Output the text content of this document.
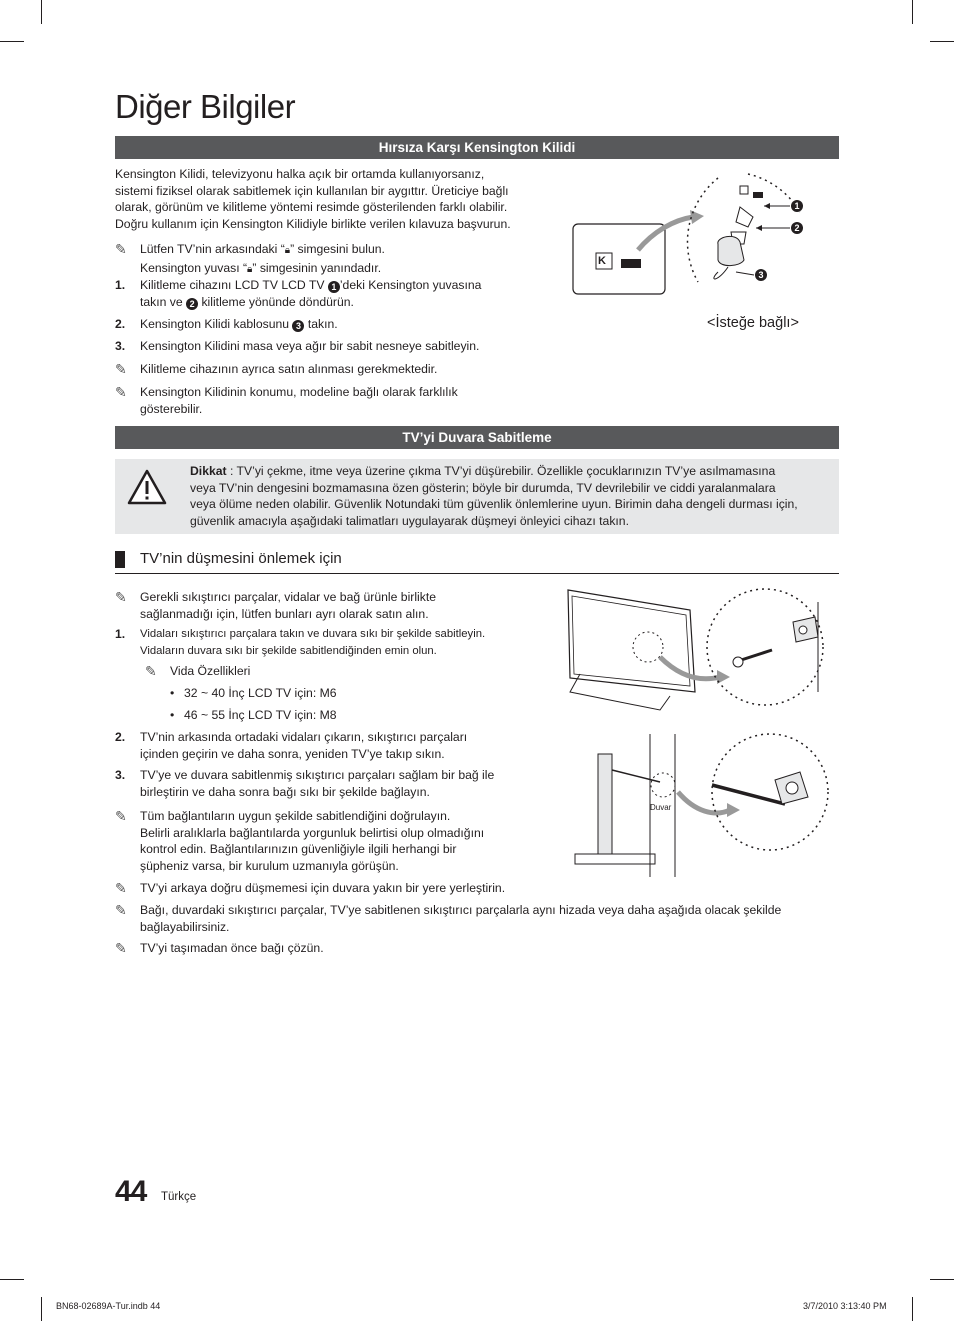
Diğer Bilgiler
Hırsıza Karşı Kensington Kilidi
Kensington Kilidi, televizyonu halka açık bir ortamda kullanıyorsanız,
sistemi fiziksel olarak sabitlemek için kullanılan bir aygıttır. Üreticiye bağlı
olarak, görünüm ve kilitleme yöntemi resimde gösterilenden farklı olabilir.
Doğru kullanım için Kensington Kilidiyle birlikte verilen kılavuza başvurun.
✎	Lütfen TV’nin arkasındaki “🔒︎” simgesini bulun.
Kensington yuvası “🔒︎” simgesinin yanındadır.
1.	Kilitleme cihazını LCD TV LCD TV 1 ’deki Kensington yuvasına
takın ve 2 kilitleme yönünde döndürün.
2.	Kensington Kilidi kablosunu 3 takın.
3.	Kensington Kilidini masa veya ağır bir sabit nesneye sabitleyin.
✎	Kilitleme cihazının ayrıca satın alınması gerekmektedir.
✎ Kensington Kilidinin konumu, modeline bağlı olarak farklılık
gösterebilir.
K
1
2
3
<İsteğe bağlı>
TV’yi Duvara Sabitleme
Dikkat : TV’yi çekme, itme veya üzerine çıkma TV’yi düşürebilir. Özellikle çocuklarınızın TV’ye asılmamasına
veya TV’nin dengesini bozmamasına özen gösterin; böyle bir durumda, TV devrilebilir ve ciddi yaralanmalara
veya ölüme neden olabilir. Güvenlik Notundaki tüm güvenlik önlemlerine uyun. Birimin daha dengeli durması için,
güvenlik amacıyla aşağıdaki talimatları uygulayarak düşmeyi önleyici cihazı takın.
TV’nin düşmesini önlemek için
✎ Gerekli sıkıştırıcı parçalar, vidalar ve bağ ürünle birlikte
sağlanmadığı için, lütfen bunları ayrı olarak satın alın.
1. Vidaları sıkıştırıcı parçalara takın ve duvara sıkı bir şekilde sabitleyin.
Vidaların duvara sıkı bir şekilde sabitlendiğinden emin olun.
✎	Vida Özellikleri
• 32 ~ 40 İnç LCD TV için: M6
• 46 ~ 55 İnç LCD TV için: M8
2. TV’nin arkasında ortadaki vidaları çıkarın, sıkıştırıcı parçaları
içinden geçirin ve daha sonra, yeniden TV’ye takıp sıkın.
3. TV’ye ve duvara sabitlenmiş sıkıştırıcı parçaları sağlam bir bağ ile
birleştirin ve daha sonra bağı sıkı bir şekilde bağlayın.
✎ Tüm bağlantıların uygun şekilde sabitlendiğini doğrulayın.
Belirli aralıklarla bağlantılarda yorgunluk belirtisi olup olmadığını
kontrol edin. Bağlantılarınızın güvenliğiyle ilgili herhangi bir
şüpheniz varsa, bir kurulum uzmanıyla görüşün.
✎	TV’yi arkaya doğru düşmemesi için duvara yakın bir yere yerleştirin.
✎ Bağı, duvardaki sıkıştırıcı parçalar, TV’ye sabitlenen sıkıştırıcı parçalarla aynı hizada veya daha aşağıda olacak şekilde
bağlayabilirsiniz.
✎	TV’yi taşımadan önce bağı çözün.
Duvar
44 Türkçe
BN68-02689A-Tur.indb 44	3/7/2010 3:13:40 PM
